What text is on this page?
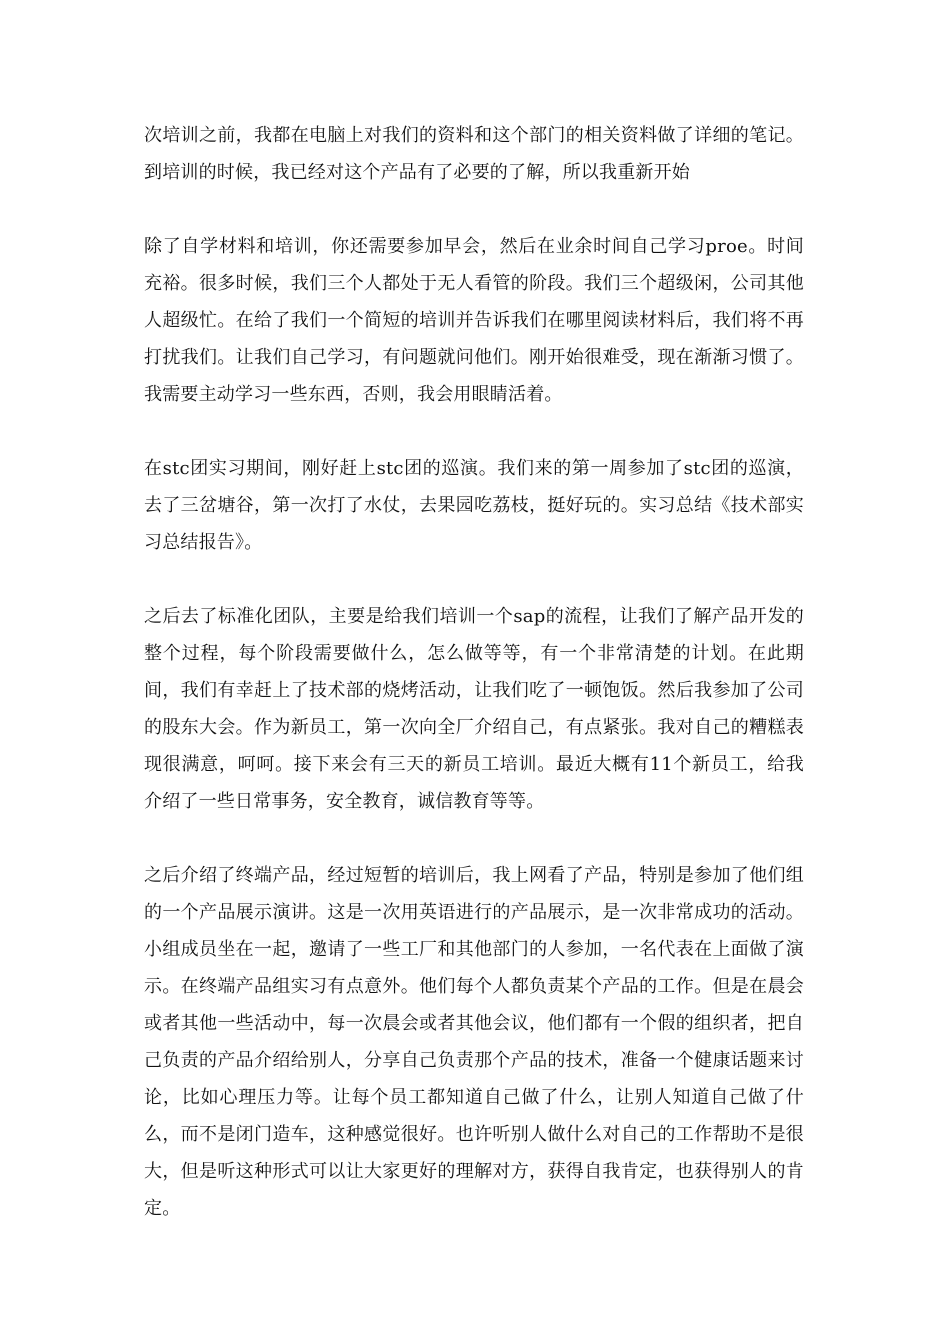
次培训之前，我都在电脑上对我们的资料和这个部门的相关资料做了详细的笔记。到培训的时候，我已经对这个产品有了必要的了解，所以我重新开始

除了自学材料和培训，你还需要参加早会，然后在业余时间自己学习proe。时间充裕。很多时候，我们三个人都处于无人看管的阶段。我们三个超级闲，公司其他人超级忙。在给了我们一个简短的培训并告诉我们在哪里阅读材料后，我们将不再打扰我们。让我们自己学习，有问题就问他们。刚开始很难受，现在渐渐习惯了。我需要主动学习一些东西，否则，我会用眼睛活着。

在stc团实习期间，刚好赶上stc团的巡演。我们来的第一周参加了stc团的巡演，去了三岔塘谷，第一次打了水仗，去果园吃荔枝，挺好玩的。实习总结《技术部实习总结报告》。

之后去了标准化团队，主要是给我们培训一个sap的流程，让我们了解产品开发的整个过程，每个阶段需要做什么，怎么做等等，有一个非常清楚的计划。在此期间，我们有幸赶上了技术部的烧烤活动，让我们吃了一顿饱饭。然后我参加了公司的股东大会。作为新员工，第一次向全厂介绍自己，有点紧张。我对自己的糟糕表现很满意，呵呵。接下来会有三天的新员工培训。最近大概有11个新员工，给我介绍了一些日常事务，安全教育，诚信教育等等。

之后介绍了终端产品，经过短暂的培训后，我上网看了产品，特别是参加了他们组的一个产品展示演讲。这是一次用英语进行的产品展示，是一次非常成功的活动。小组成员坐在一起，邀请了一些工厂和其他部门的人参加，一名代表在上面做了演示。在终端产品组实习有点意外。他们每个人都负责某个产品的工作。但是在晨会或者其他一些活动中，每一次晨会或者其他会议，他们都有一个假的组织者，把自己负责的产品介绍给别人，分享自己负责那个产品的技术，准备一个健康话题来讨论，比如心理压力等。让每个员工都知道自己做了什么，让别人知道自己做了什么，而不是闭门造车，这种感觉很好。也许听别人做什么对自己的工作帮助不是很大，但是听这种形式可以让大家更好的理解对方，获得自我肯定，也获得别人的肯定。
